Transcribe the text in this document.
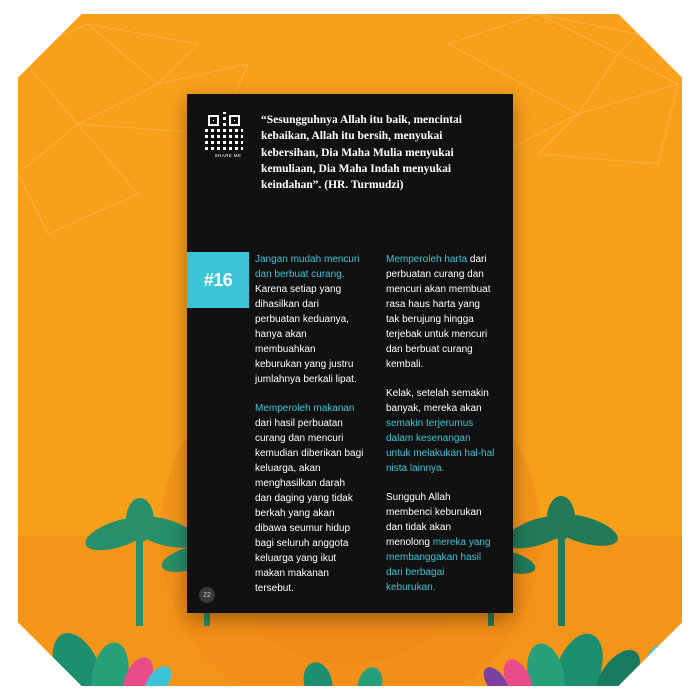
SHARE ME
“Sesungguhnya Allah itu baik, mencintai kebaikan, Allah itu bersih, menyukai kebersihan, Dia Maha Mulia menyukai kemuliaan, Dia Maha Indah menyukai keindahan”. (HR. Turmudzi)
#16

Jangan mudah mencuri dan berbuat curang. Karena setiap yang dihasilkan dari perbuatan keduanya, hanya akan membuahkan keburukan yang justru jumlahnya berkali lipat.

Memperoleh makanan dari hasil perbuatan curang dan mencuri kemudian diberikan bagi keluarga, akan menghasilkan darah dan daging yang tidak berkah yang akan dibawa seumur hidup bagi seluruh anggota keluarga yang ikut makan makanan tersebut.

Memperoleh harta dari perbuatan curang dan mencuri akan membuat rasa haus harta yang tak berujung hingga terjebak untuk mencuri dan berbuat curang kembali.

Kelak, setelah semakin banyak, mereka akan semakin terjerumus dalam kesenangan untuk melakukan hal-hal nista lainnya.

Sungguh Allah membenci keburukan dan tidak akan menolong mereka yang membanggakan hasil dari berbagai keburukan.

22
